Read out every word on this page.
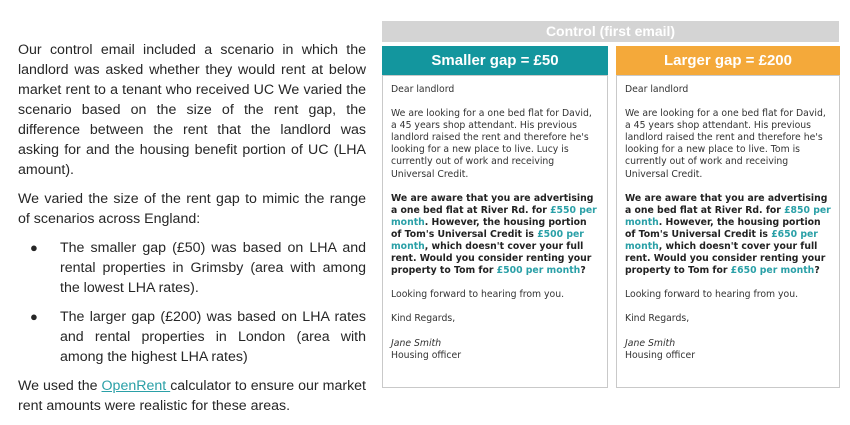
Our control email included a scenario in which the landlord was asked whether they would rent at below market rent to a tenant who received UC We varied the scenario based on the size of the rent gap, the difference between the rent that the landlord was asking for and the housing benefit portion of UC (LHA amount).

We varied the size of the rent gap to mimic the range of scenarios across England:

● The smaller gap (£50) was based on LHA and rental properties in Grimsby (area with among the lowest LHA rates).
● The larger gap (£200) was based on LHA rates and rental properties in London (area with among the highest LHA rates)

We used the OpenRent calculator to ensure our market rent amounts were realistic for these areas.

Control (first email)
Smaller gap = £50	Larger gap = £200

Dear landlord

We are looking for a one bed flat for David, a 45 years shop attendant. His previous landlord raised the rent and therefore he's looking for a new place to live. Lucy is currently out of work and receiving Universal Credit.

We are aware that you are advertising a one bed flat at River Rd. for £550 per month. However, the housing portion of Tom's Universal Credit is £500 per month, which doesn't cover your full rent. Would you consider renting your property to Tom for £500 per month?

Looking forward to hearing from you.

Kind Regards,

Jane Smith
Housing officer

Dear landlord

We are looking for a one bed flat for David, a 45 years shop attendant. His previous landlord raised the rent and therefore he's looking for a new place to live. Tom is currently out of work and receiving Universal Credit.

We are aware that you are advertising a one bed flat at River Rd. for £850 per month. However, the housing portion of Tom's Universal Credit is £650 per month, which doesn't cover your full rent. Would you consider renting your property to Tom for £650 per month?

Looking forward to hearing from you.

Kind Regards,

Jane Smith
Housing officer
